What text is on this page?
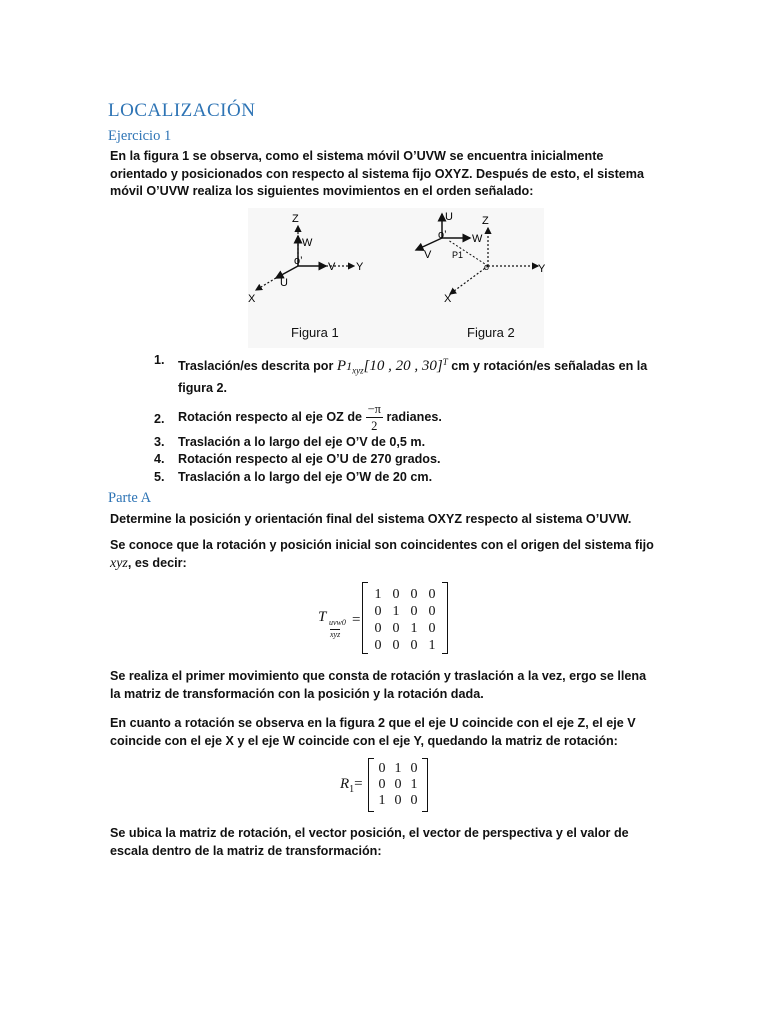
LOCALIZACIÓN
Ejercicio 1

En la figura 1 se observa, como el sistema móvil O’UVW se encuentra inicialmente orientado y posicionados con respecto al sistema fijo OXYZ. Después de esto, el sistema móvil O’UVW realiza los siguientes movimientos en el orden señalado:

Z
W
o’ V Y
U
X
U	Z
o’ W
V P1
o	Y
X
Figura 1	Figura 2
1. Traslación/es descrita por $P1_{xyz}[10$ , 20 , 30]$^T$ cm y rotación/es señaladas en la figura 2.
2. Rotación respecto al eje OZ de $\frac{-\pi}{2}$ radianes.
3. Traslación a lo largo del eje O’V de 0,5 m.
4. Rotación respecto al eje O’U de 270 grados.
5. Traslación a lo largo del eje O’W de 20 cm.
Parte A

Determine la posición y orientación final del sistema OXYZ respecto al sistema O’UVW.

Se conoce que la rotación y posición inicial son coincidentes con el origen del sistema fijo xyz, es decir:

T uvw0
xyz
=
1 0 0 0
0 1 0 0
0 0 1 0
0 0 0 1

Se realiza el primer movimiento que consta de rotación y traslación a la vez, ergo se llena la matriz de transformación con la posición y la rotación dada.

En cuanto a rotación se observa en la figura 2 que el eje U coincide con el eje Z, el eje V coincide con el eje X y el eje W coincide con el eje Y, quedando la matriz de rotación:

$R_1=$
0 1 0
0 0 1
1 0 0

Se ubica la matriz de rotación, el vector posición, el vector de perspectiva y el valor de escala dentro de la matriz de transformación:
